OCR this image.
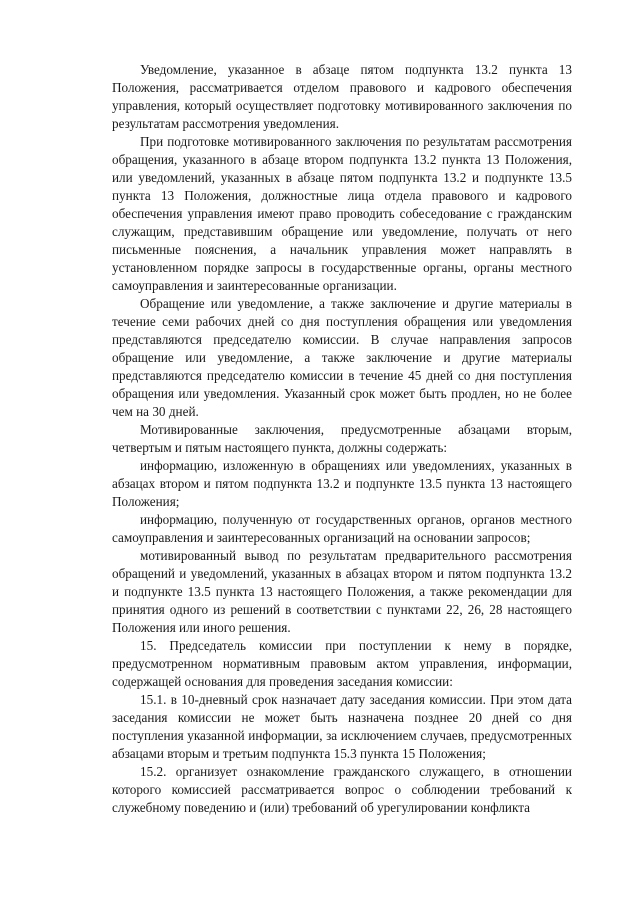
Уведомление, указанное в абзаце пятом подпункта 13.2 пункта 13 Положения, рассматривается отделом правового и кадрового обеспечения управления, который осуществляет подготовку мотивированного заключения по результатам рассмотрения уведомления.

При подготовке мотивированного заключения по результатам рассмотрения обращения, указанного в абзаце втором подпункта 13.2 пункта 13 Положения, или уведомлений, указанных в абзаце пятом подпункта 13.2 и подпункте 13.5 пункта 13 Положения, должностные лица отдела правового и кадрового обеспечения управления имеют право проводить собеседование с гражданским служащим, представившим обращение или уведомление, получать от него письменные пояснения, а начальник управления может направлять в установленном порядке запросы в государственные органы, органы местного самоуправления и заинтересованные организации.

Обращение или уведомление, а также заключение и другие материалы в течение семи рабочих дней со дня поступления обращения или уведомления представляются председателю комиссии. В случае направления запросов обращение или уведомление, а также заключение и другие материалы представляются председателю комиссии в течение 45 дней со дня поступления обращения или уведомления. Указанный срок может быть продлен, но не более чем на 30 дней.

Мотивированные заключения, предусмотренные абзацами вторым, четвертым и пятым настоящего пункта, должны содержать:

информацию, изложенную в обращениях или уведомлениях, указанных в абзацах втором и пятом подпункта 13.2 и подпункте 13.5 пункта 13 настоящего Положения;

информацию, полученную от государственных органов, органов местного самоуправления и заинтересованных организаций на основании запросов;

мотивированный вывод по результатам предварительного рассмотрения обращений и уведомлений, указанных в абзацах втором и пятом подпункта 13.2 и подпункте 13.5 пункта 13 настоящего Положения, а также рекомендации для принятия одного из решений в соответствии с пунктами 22, 26, 28 настоящего Положения или иного решения.

15. Председатель комиссии при поступлении к нему в порядке, предусмотренном нормативным правовым актом управления, информации, содержащей основания для проведения заседания комиссии:

15.1. в 10-дневный срок назначает дату заседания комиссии. При этом дата заседания комиссии не может быть назначена позднее 20 дней со дня поступления указанной информации, за исключением случаев, предусмотренных абзацами вторым и третьим подпункта 15.3 пункта 15 Положения;

15.2. организует ознакомление гражданского служащего, в отношении которого комиссией рассматривается вопрос о соблюдении требований к служебному поведению и (или) требований об урегулировании конфликта
